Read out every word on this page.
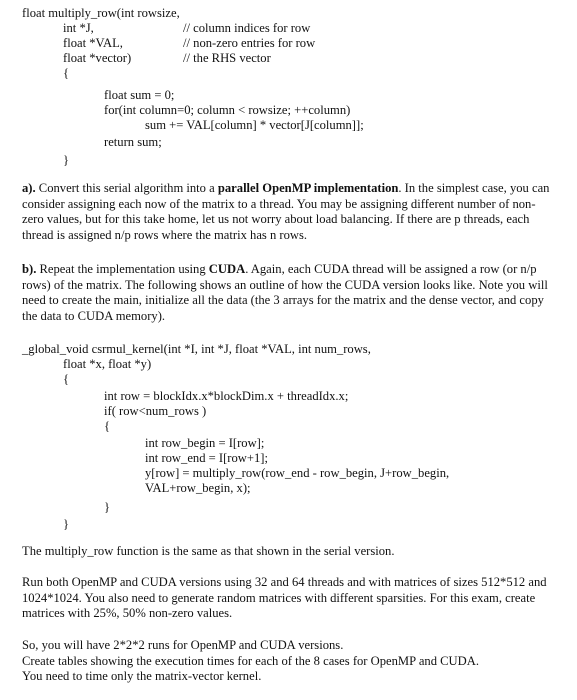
float multiply_row(int rowsize,
int *J,	// column indices for row
float *VAL,	// non-zero entries for row
float *vector)	// the RHS vector
{
float sum = 0;
for(int column=0; column < rowsize; ++column)
sum += VAL[column] * vector[J[column]];
return sum;
}
a). Convert this serial algorithm into a parallel OpenMP implementation. In the simplest case, you can consider assigning each now of the matrix to a thread. You may be assigning different number of non-zero values, but for this take home, let us not worry about load balancing. If there are p threads, each thread is assigned n/p rows where the matrix has n rows.
b). Repeat the implementation using CUDA. Again, each CUDA thread will be assigned a row (or n/p rows) of the matrix. The following shows an outline of how the CUDA version looks like. Note you will need to create the main, initialize all the data (the 3 arrays for the matrix and the dense vector, and copy the data to CUDA memory).
_global_void csrmul_kernel(int *I, int *J, float *VAL, int num_rows,
float *x, float *y)
{
int row = blockIdx.x*blockDim.x + threadIdx.x;
if( row<num_rows )
{
int row_begin = I[row];
int row_end = I[row+1];
y[row] = multiply_row(row_end - row_begin, J+row_begin,
VAL+row_begin, x);
}
}
The multiply_row function is the same as that shown in the serial version.
Run both OpenMP and CUDA versions using 32 and 64 threads and with matrices of sizes 512*512 and 1024*1024. You also need to generate random matrices with different sparsities. For this exam, create matrices with 25%, 50% non-zero values.
So, you will have 2*2*2 runs for OpenMP and CUDA versions.
Create tables showing the execution times for each of the 8 cases for OpenMP and CUDA.
You need to time only the matrix-vector kernel.
